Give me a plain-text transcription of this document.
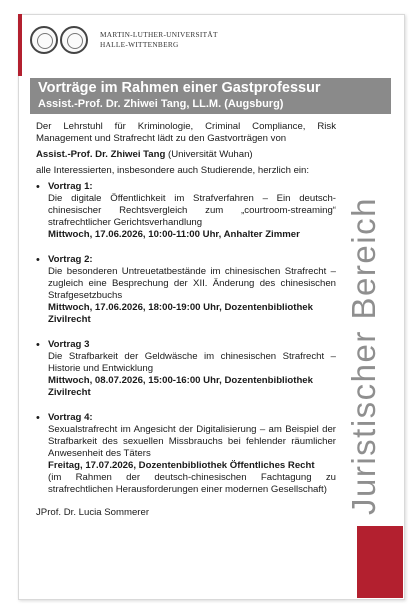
MARTIN-LUTHER-UNIVERSITÄT
HALLE-WITTENBERG
Vorträge im Rahmen einer Gastprofessur
Assist.-Prof. Dr. Zhiwei Tang, LL.M. (Augsburg)

Der Lehrstuhl für Kriminologie, Criminal Compliance, Risk Management und Strafrecht lädt zu den Gastvorträgen von

Assist.-Prof. Dr. Zhiwei Tang (Universität Wuhan)

alle Interessierten, insbesondere auch Studierende, herzlich ein:

• Vortrag 1:
Die digitale Öffentlichkeit im Strafverfahren – Ein deutsch-chinesischer Rechtsvergleich zum „courtroom-streaming“ strafrechtlicher Gerichtsverhandlung
Mittwoch, 17.06.2026, 10:00-11:00 Uhr, Anhalter Zimmer
• Vortrag 2:
Die besonderen Untreuetatbestände im chinesischen Strafrecht – zugleich eine Besprechung der XII. Änderung des chinesischen Strafgesetzbuchs
Mittwoch, 17.06.2026, 18:00-19:00 Uhr, Dozentenbibliothek Zivilrecht
• Vortrag 3
Die Strafbarkeit der Geldwäsche im chinesischen Strafrecht – Historie und Entwicklung
Mittwoch, 08.07.2026, 15:00-16:00 Uhr, Dozentenbibliothek Zivilrecht
• Vortrag 4:
Sexualstrafrecht im Angesicht der Digitalisierung – am Beispiel der Strafbarkeit des sexuellen Missbrauchs bei fehlender räumlicher Anwesenheit des Täters
Freitag, 17.07.2026, Dozentenbibliothek Öffentliches Recht
(im Rahmen der deutsch-chinesischen Fachtagung zu strafrechtlichen Herausforderungen einer modernen Gesellschaft)

JProf. Dr. Lucia Sommerer	Juristischer Bereich
